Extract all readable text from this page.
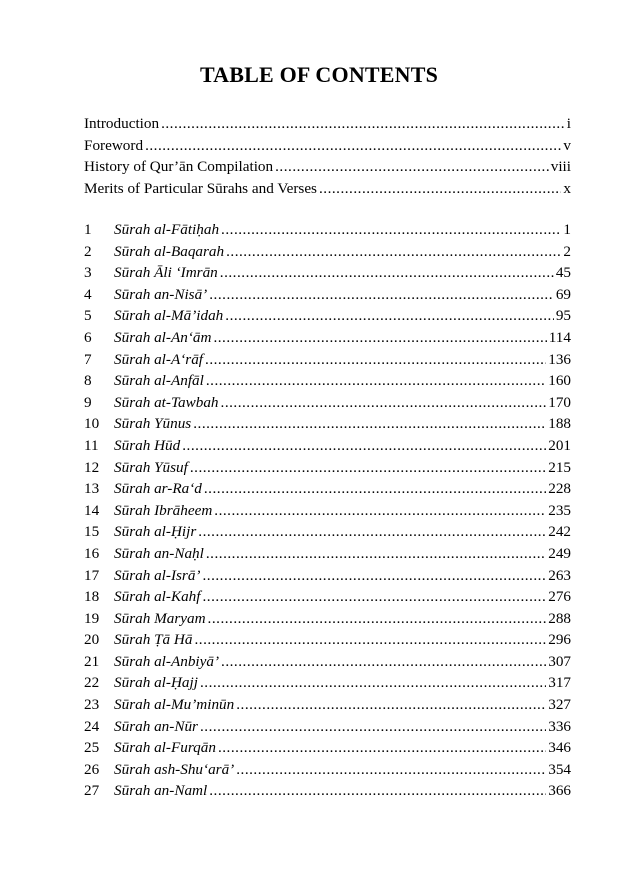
TABLE OF CONTENTS
Introduction .....	i
Foreword .....	v
History of Qur’ān Compilation .....	viii
Merits of Particular Sūrahs and Verses .....	x
1	Sūrah al-Fātiḥah .....	1
2	Sūrah al-Baqarah .....	2
3	Sūrah Āli ‘Imrān .....	45
4	Sūrah an-Nisā’ .....	69
5	Sūrah al-Mā’idah .....	95
6	Sūrah al-An‘ām .....	114
7	Sūrah al-A‘rāf .....	136
8	Sūrah al-Anfāl .....	160
9	Sūrah at-Tawbah .....	170
10 Sūrah Yūnus .....	188
11	Sūrah Hūd .....	201
12 Sūrah Yūsuf .....	215
13 Sūrah ar-Ra‘d .....	228
14 Sūrah Ibrāheem .....	235
15 Sūrah al-Ḥijr .....	242
16 Sūrah an-Naḥl .....	249
17 Sūrah al-Isrā’ .....	263
18 Sūrah al-Kahf .....	276
19 Sūrah Maryam .....	288
20 Sūrah Ṭā Hā .....	296
21 Sūrah al-Anbiyā’ .....	307
22 Sūrah al-Ḥajj .....	317
23 Sūrah al-Mu’minūn .....	327
24 Sūrah an-Nūr .....	336
25 Sūrah al-Furqān .....	346
26 Sūrah ash-Shu‘arā’ .....	354
27 Sūrah an-Naml .....	366
